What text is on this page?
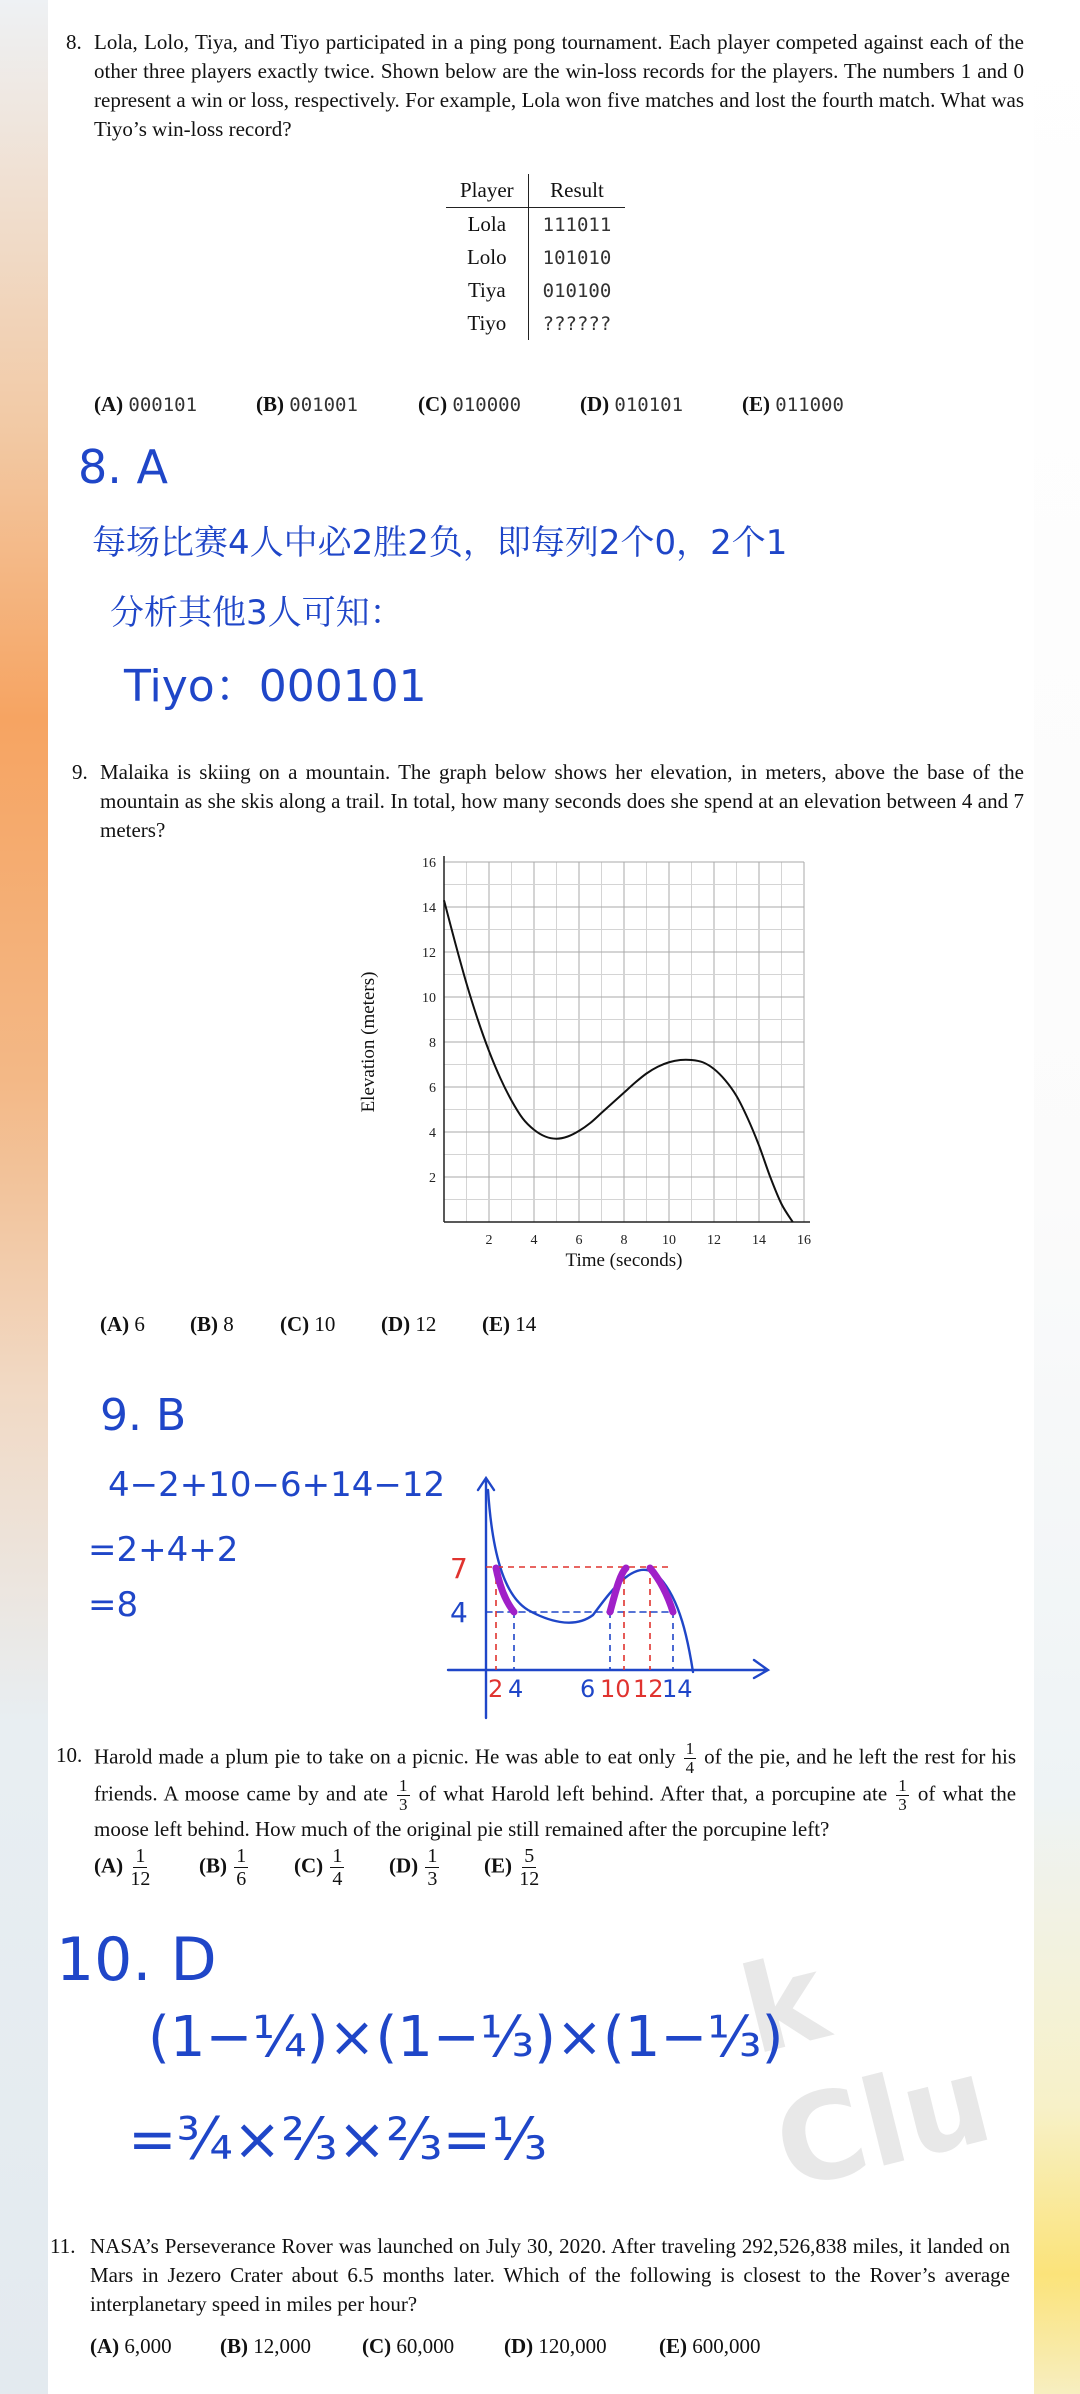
8. Lola, Lolo, Tiya, and Tiyo participated in a ping pong tournament. Each player competed against each of the other three players exactly twice. Shown below are the win-loss records for the players. The numbers 1 and 0 represent a win or loss, respectively. For example, Lola won five matches and lost the fourth match. What was Tiyo’s win-loss record?
Player	Result
Lola	111011
Lolo	101010
Tiya	010100
Tiyo	??????
(A) 000101	(B) 001001	(C) 010000	(D) 010101	(E) 011000
8. A
每场比赛4人中必2胜2负，即每列2个0，2个1
分析其他3人可知：
Tiyo：000101
9. Malaika is skiing on a mountain. The graph below shows her elevation, in meters, above the base of the mountain as she skis along a trail. In total, how many seconds does she spend at an elevation between 4 and 7 meters?
2	4	6	8 10 12 14 16
2
4
6
8
10
12
14
16
Time (seconds)
Elevation (meters)
(A) 6	(B) 8	(C) 10	(D) 12	(E) 14
9. B
4−2+10−6+14−12
=2+4+2
=8
7
4
2 4 6 10 12
14
10. Harold made a plum pie to take on a picnic. He was able to eat only $\frac{1}{4}$ of the pie, and he left the rest for his friends. A moose came by and ate $\frac{1}{3}$ of what Harold left behind. After that, a porcupine ate $\frac{1}{3}$ of what the moose left behind. How much of the original pie still remained after the porcupine left?
$(A) \frac{1}{12} (B) \frac{1}{6} (C) \frac{1}{4} (D) \frac{1}{3} (E) \frac{5}{12}$
k Clu
10. D
(1−¼)×(1−⅓)×(1−⅓)
=¾×⅔×⅔=⅓
11. NASA’s Perseverance Rover was launched on July 30, 2020. After traveling 292,526,838 miles, it landed on Mars in Jezero Crater about 6.5 months later. Which of the following is closest to the Rover’s average interplanetary speed in miles per hour?
(A) 6,000	(B) 12,000	(C) 60,000	(D) 120,000	(E) 600,000
